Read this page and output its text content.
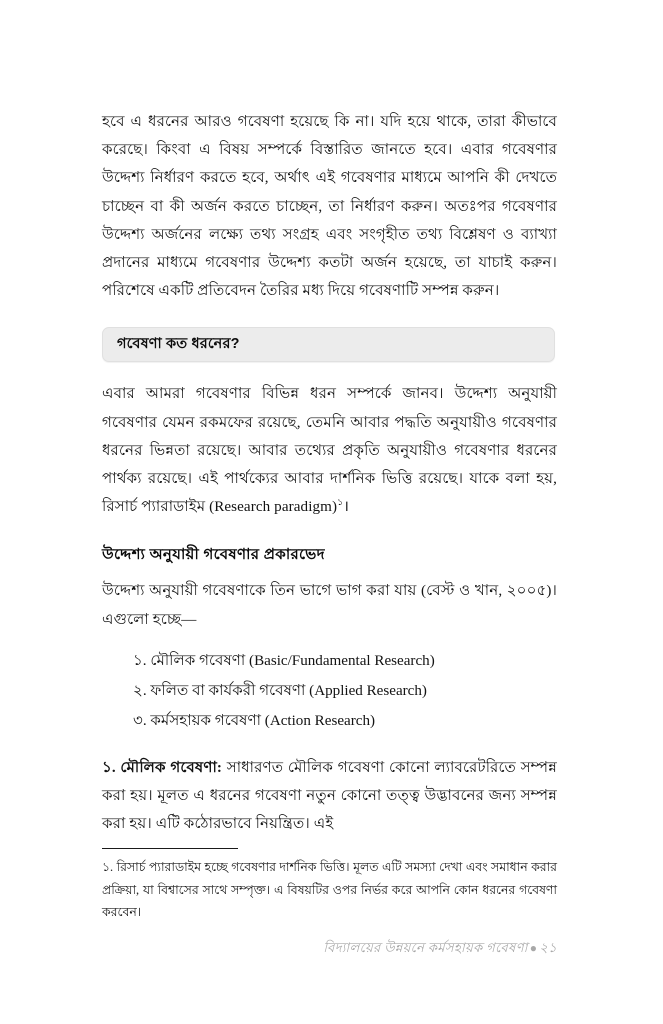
হবে এ ধরনের আরও গবেষণা হয়েছে কি না। যদি হয়ে থাকে, তারা কীভাবে করেছে। কিংবা এ বিষয় সম্পর্কে বিস্তারিত জানতে হবে। এবার গবেষণার উদ্দেশ্য নির্ধারণ করতে হবে, অর্থাৎ এই গবেষণার মাধ্যমে আপনি কী দেখতে চাচ্ছেন বা কী অর্জন করতে চাচ্ছেন, তা নির্ধারণ করুন। অতঃপর গবেষণার উদ্দেশ্য অর্জনের লক্ষ্যে তথ্য সংগ্রহ এবং সংগৃহীত তথ্য বিশ্লেষণ ও ব্যাখ্যা প্রদানের মাধ্যমে গবেষণার উদ্দেশ্য কতটা অর্জন হয়েছে, তা যাচাই করুন। পরিশেষে একটি প্রতিবেদন তৈরির মধ্য দিয়ে গবেষণাটি সম্পন্ন করুন।

গবেষণা কত ধরনের?

এবার আমরা গবেষণার বিভিন্ন ধরন সম্পর্কে জানব। উদ্দেশ্য অনুযায়ী গবেষণার যেমন রকমফের রয়েছে, তেমনি আবার পদ্ধতি অনুযায়ীও গবেষণার ধরনের ভিন্নতা রয়েছে। আবার তথ্যের প্রকৃতি অনুযায়ীও গবেষণার ধরনের পার্থক্য রয়েছে। এই পার্থক্যের আবার দার্শনিক ভিত্তি রয়েছে। যাকে বলা হয়, রিসার্চ প্যারাডাইম (Research paradigm)$^১$।

উদ্দেশ্য অনুযায়ী গবেষণার প্রকারভেদ

উদ্দেশ্য অনুযায়ী গবেষণাকে তিন ভাগে ভাগ করা যায় (বেস্ট ও খান, ২০০৫)। এগুলো হচ্ছে—

১. মৌলিক গবেষণা (Basic/Fundamental Research)
২. ফলিত বা কার্যকরী গবেষণা (Applied Research)
৩. কর্মসহায়ক গবেষণা (Action Research)

১. মৌলিক গবেষণা: সাধারণত মৌলিক গবেষণা কোনো ল্যাবরেটরিতে সম্পন্ন করা হয়। মূলত এ ধরনের গবেষণা নতুন কোনো তত্ত্ব উদ্ভাবনের জন্য সম্পন্ন করা হয়। এটি কঠোরভাবে নিয়ন্ত্রিত। এই

১. রিসার্চ প্যারাডাইম হচ্ছে গবেষণার দার্শনিক ভিত্তি। মূলত এটি সমস্যা দেখা এবং সমাধান করার প্রক্রিয়া, যা বিশ্বাসের সাথে সম্পৃক্ত। এ বিষয়টির ওপর নির্ভর করে আপনি কোন ধরনের গবেষণা করবেন।

বিদ্যালয়ের উন্নয়নে কর্মসহায়ক গবেষণা ● ২১
